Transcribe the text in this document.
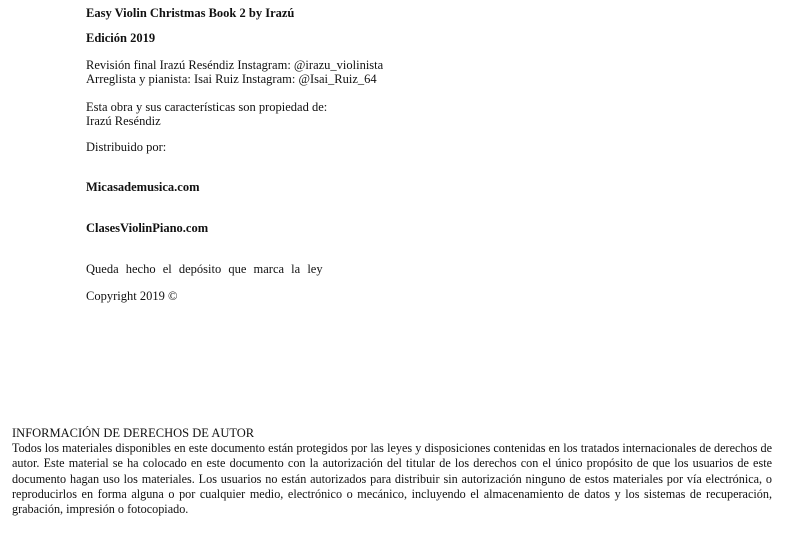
Easy Violin Christmas Book 2 by Irazú
Edición 2019
Revisión final Irazú Reséndiz Instagram: @irazu_violinista
Arreglista y pianista: Isai Ruiz Instagram: @Isai_Ruiz_64
Esta obra y sus características son propiedad de:
Irazú Reséndiz
Distribuido por:
Micasademusica.com
ClasesViolinPiano.com
Queda hecho el depósito que marca la ley
Copyright 2019 ©
INFORMACIÓN DE DERECHOS DE AUTOR
Todos los materiales disponibles en este documento están protegidos por las leyes y disposiciones contenidas en los tratados internacionales de derechos de autor. Este material se ha colocado en este documento con la autorización del titular de los derechos con el único propósito de que los usuarios de este documento hagan uso los materiales. Los usuarios no están autorizados para distribuir sin autorización ninguno de estos materiales por vía electrónica, o reproducirlos en forma alguna o por cualquier medio, electrónico o mecánico, incluyendo el almacenamiento de datos y los sistemas de recuperación, grabación, impresión o fotocopiado.
